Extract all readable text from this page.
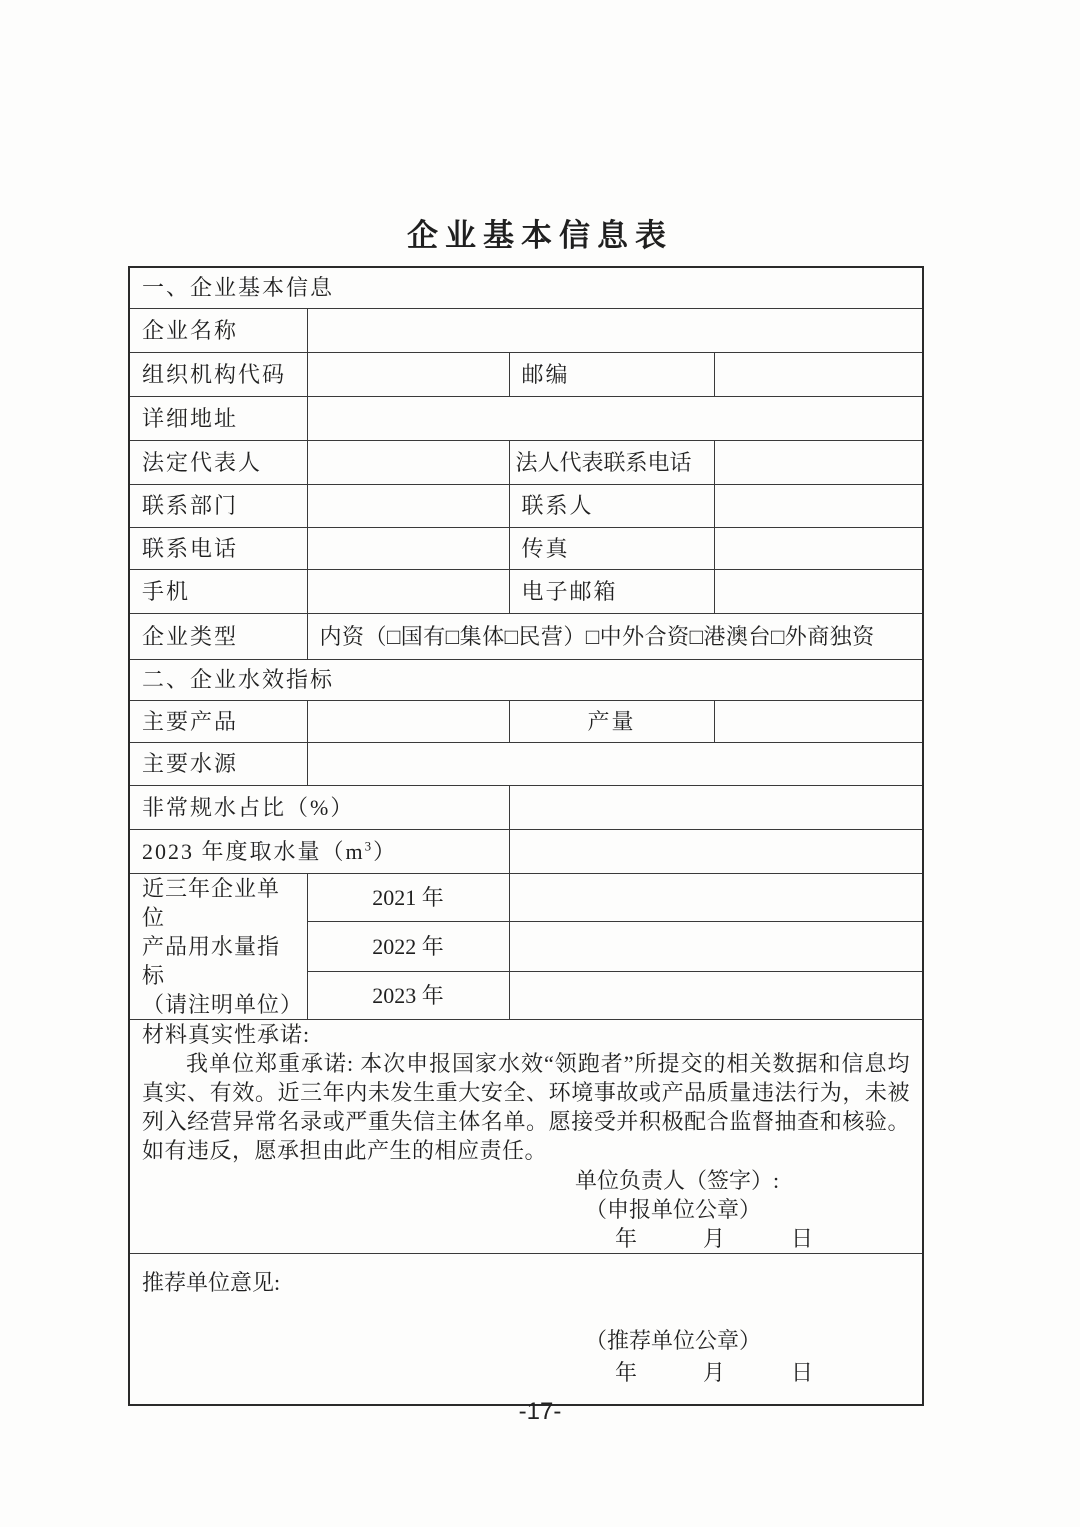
企业基本信息表
一、企业基本信息			
企业名称			
组织机构代码		邮编	
详细地址			
法定代表人		法人代表联系电话	
联系部门		联系人	
联系电话		传真	
手机		电子邮箱	
企业类型	内资（□国有□集体□民营）□中外合资□港澳台□外商独资		
二、企业水效指标			
主要产品		产量	
主要水源			
非常规水占比（%）			
2023 年度取水量$(m^3)$			

近三年企业单位
产品用水量指标
（请注明单位）	2021 年		
	2022 年		
	2023 年		

材料真实性承诺:

我单位郑重承诺: 本次申报国家水效“领跑者”所提交的相关数据和信息均真实、有效。近三年内未发生重大安全、环境事故或产品质量违法行为，未被列入经营异常名录或严重失信主体名单。愿接受并积极配合监督抽查和核验。如有违反，愿承担由此产生的相应责任。

单位负责人（签字）:
（申报单位公章）
年　　　月　　　日			

推荐单位意见:
（推荐单位公章）
年　　　月　　　日			
-17-
